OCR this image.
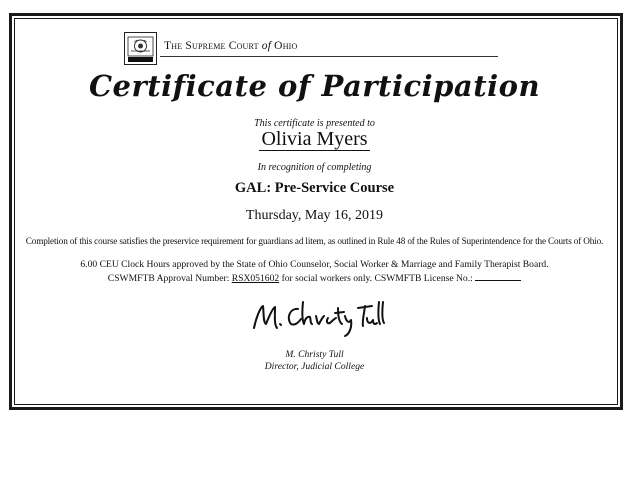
The Supreme Court of Ohio
Certificate of Participation
This certificate is presented to
Olivia Myers
In recognition of completing
GAL: Pre-Service Course
Thursday, May 16, 2019
Completion of this course satisfies the preservice requirement for guardians ad litem, as outlined in Rule 48 of the Rules of Superintendence for the Courts of Ohio.
6.00 CEU Clock Hours approved by the State of Ohio Counselor, Social Worker & Marriage and Family Therapist Board.
CSWMFTB Approval Number: RSX051602 for social workers only. CSWMFTB License No.:
M. Christy Tull
Director, Judicial College
